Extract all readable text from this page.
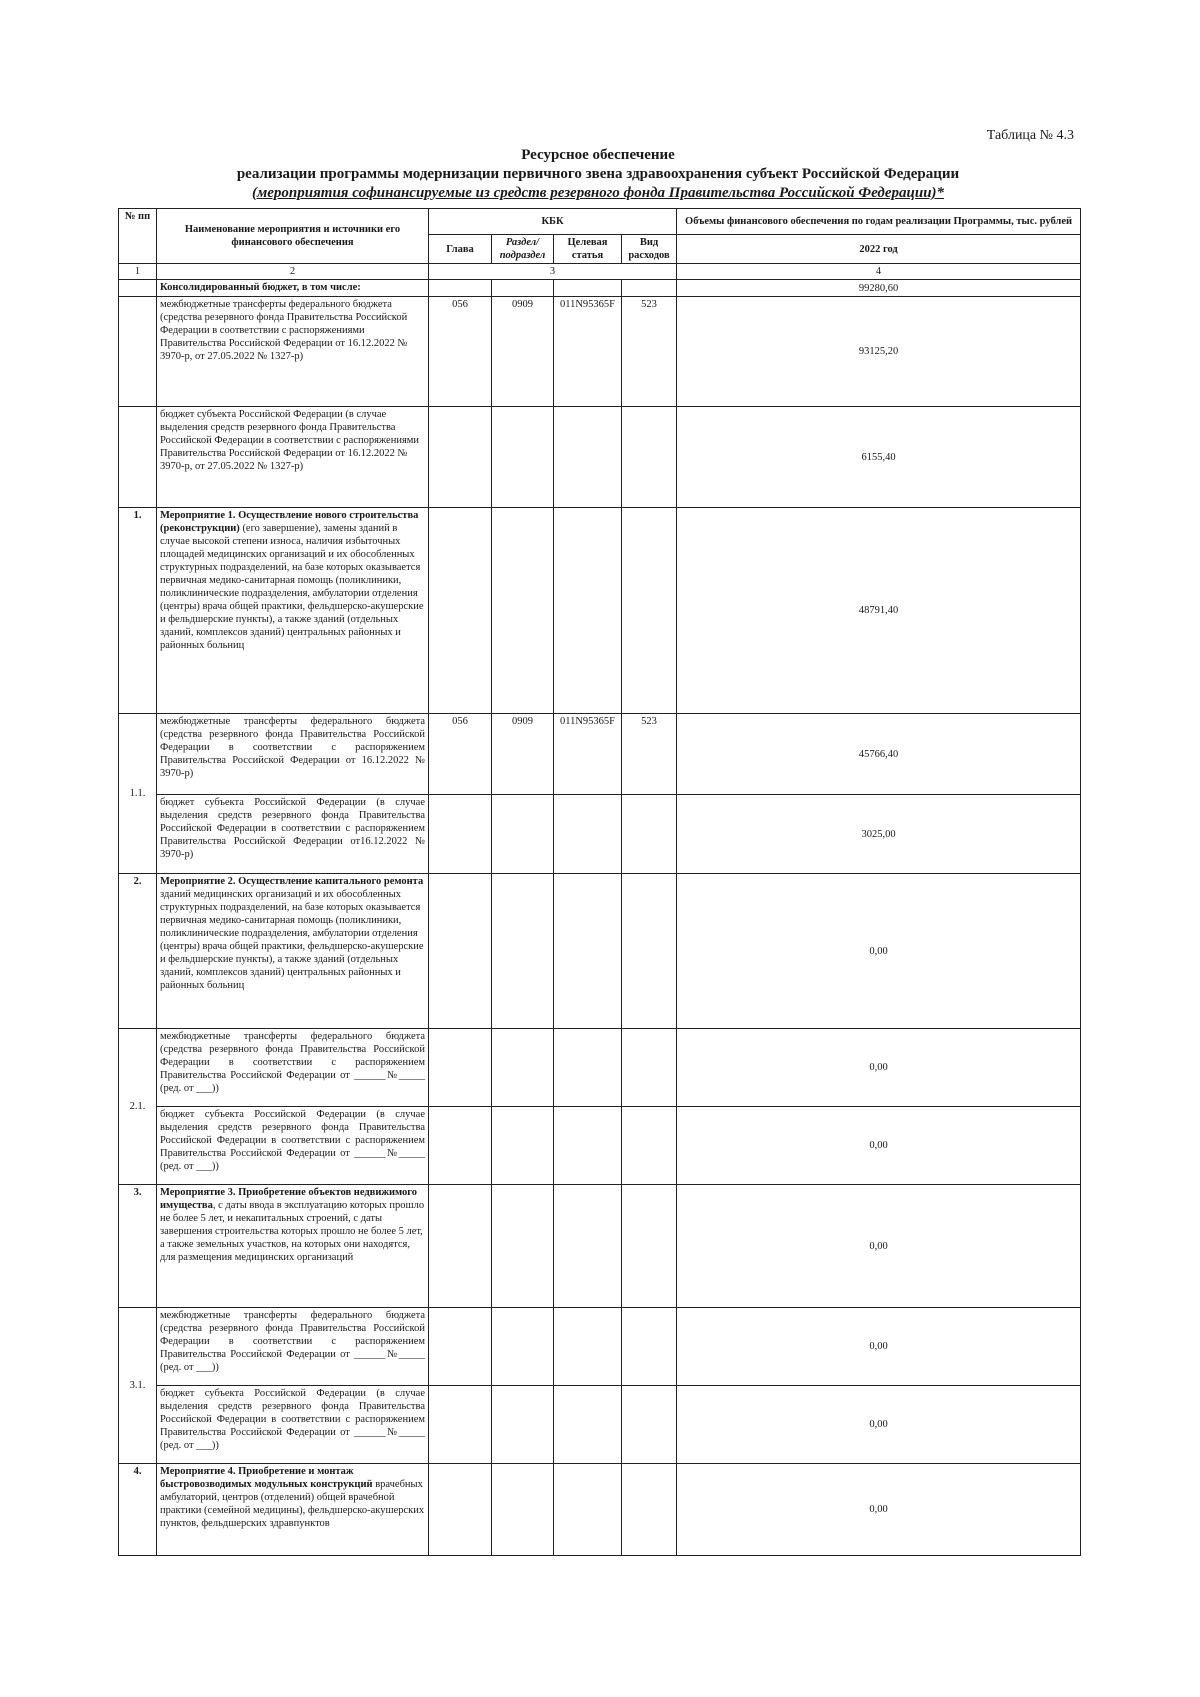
Таблица № 4.3
Ресурсное обеспечение
реализации программы модернизации первичного звена здравоохранения субъект Российской Федерации
(мероприятия софинансируемые из средств резервного фонда Правительства Российской Федерации)*
№ пп	Наименование мероприятия и источники его финансового обеспечения	КБК				Объемы финансового обеспечения по годам реализации Программы, тыс. рублей
		Глава	Раздел/ подраздел	Целевая статья	Вид расходов	2022 год
1	2	3				4
	Консолидированный бюджет, в том числе:					99280,60
	межбюджетные трансферты федерального бюджета (средства резервного фонда Правительства Российской Федерации в соответствии с распоряжениями Правительства Российской Федерации от 16.12.2022 № 3970-р, от 27.05.2022 № 1327-р)	056	0909	011N95365F	523	93125,20
	бюджет субъекта Российской Федерации (в случае выделения средств резервного фонда Правительства Российской Федерации в соответствии с распоряжениями Правительства Российской Федерации от 16.12.2022 № 3970-р, от 27.05.2022 № 1327-р)					6155,40
1.	Мероприятие 1. Осуществление нового строительства (реконструкции) (его завершение), замены зданий в случае высокой степени износа, наличия избыточных площадей медицинских организаций и их обособленных структурных подразделений, на базе которых оказывается первичная медико-санитарная помощь (поликлиники, поликлинические подразделения, амбулатории отделения (центры) врача общей практики, фельдшерско-акушерские и фельдшерские пункты), а также зданий (отдельных зданий, комплексов зданий) центральных районных и районных больниц					48791,40
1.1.	межбюджетные трансферты федерального бюджета (средства резервного фонда Правительства Российской Федерации в соответствии с распоряжением Правительства Российской Федерации от 16.12.2022 № 3970-р)	056	0909	011N95365F	523	45766,40
	бюджет субъекта Российской Федерации (в случае выделения средств резервного фонда Правительства Российской Федерации в соответствии с распоряжением Правительства Российской Федерации от16.12.2022 № 3970-р)					3025,00
2.	Мероприятие 2. Осуществление капитального ремонта зданий медицинских организаций и их обособленных структурных подразделений, на базе которых оказывается первичная медико-санитарная помощь (поликлиники, поликлинические подразделения, амбулатории отделения (центры) врача общей практики, фельдшерско-акушерские и фельдшерские пункты), а также зданий (отдельных зданий, комплексов зданий) центральных районных и районных больниц					0,00
2.1.	межбюджетные трансферты федерального бюджета (средства резервного фонда Правительства Российской Федерации в соответствии с распоряжением Правительства Российской Федерации от ______№_____ (ред. от ___))					0,00
	бюджет субъекта Российской Федерации (в случае выделения средств резервного фонда Правительства Российской Федерации в соответствии с распоряжением Правительства Российской Федерации от ______№_____ (ред. от ___))					0,00
3.	Мероприятие 3. Приобретение объектов недвижимого имущества, с даты ввода в эксплуатацию которых прошло не более 5 лет, и некапитальных строений, с даты завершения строительства которых прошло не более 5 лет, а также земельных участков, на которых они находятся, для размещения медицинских организаций					0,00
3.1.	межбюджетные трансферты федерального бюджета (средства резервного фонда Правительства Российской Федерации в соответствии с распоряжением Правительства Российской Федерации от ______№_____ (ред. от ___))					0,00
	бюджет субъекта Российской Федерации (в случае выделения средств резервного фонда Правительства Российской Федерации в соответствии с распоряжением Правительства Российской Федерации от ______№_____ (ред. от ___))					0,00
4.	Мероприятие 4. Приобретение и монтаж быстровозводимых модульных конструкций врачебных амбулаторий, центров (отделений) общей врачебной практики (семейной медицины), фельдшерско-акушерских пунктов, фельдшерских здравпунктов					0,00
